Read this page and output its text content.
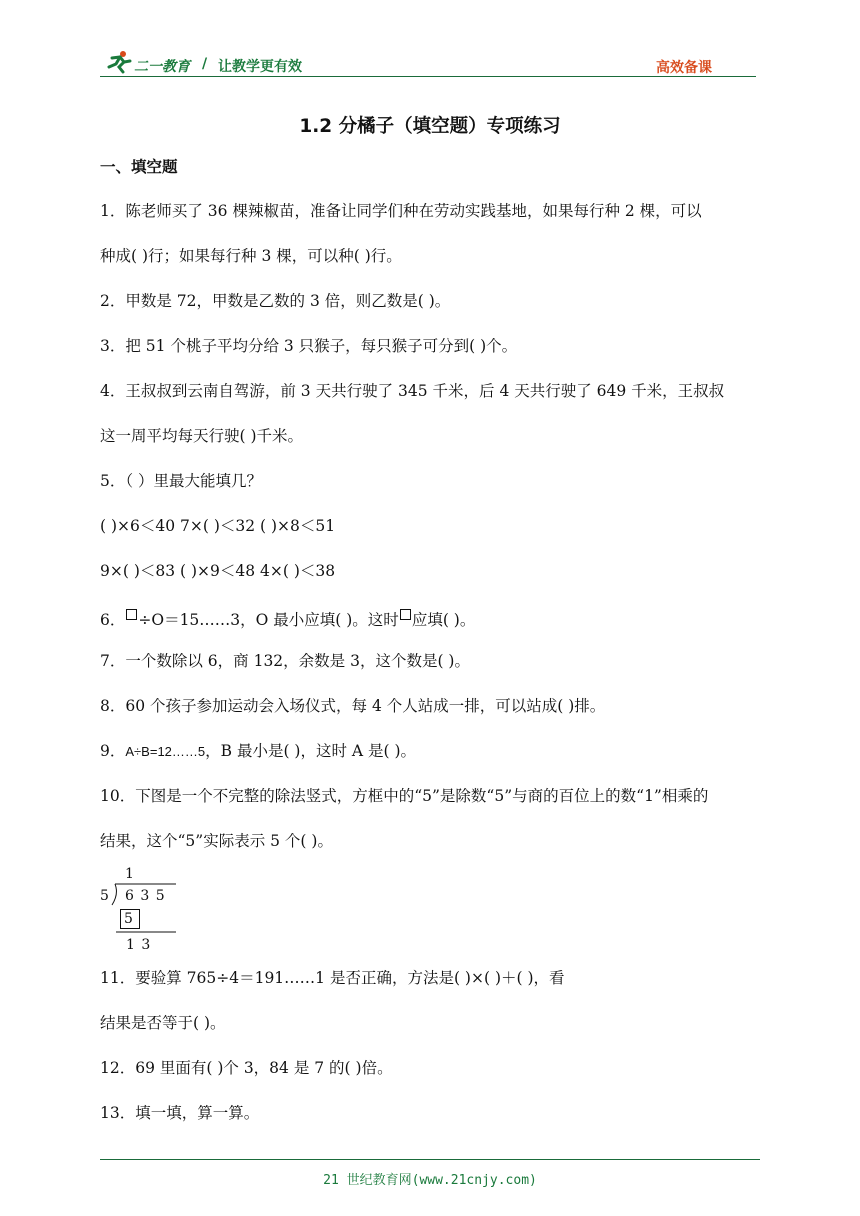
二一教育 / 让教学更有效	高效备课
1.2 分橘子（填空题）专项练习
一、填空题
1．陈老师买了 36 棵辣椒苗，准备让同学们种在劳动实践基地，如果每行种 2 棵，可以
种成( )行；如果每行种 3 棵，可以种( )行。
2．甲数是 72，甲数是乙数的 3 倍，则乙数是( )。
3．把 51 个桃子平均分给 3 只猴子，每只猴子可分到( )个。
4．王叔叔到云南自驾游，前 3 天共行驶了 345 千米，后 4 天共行驶了 649 千米，王叔叔
这一周平均每天行驶( )千米。
5．（ ）里最大能填几？
( )×6＜40 7×( )＜32 ( )×8＜51
9×( )＜83 ( )×9＜48 4×( )＜38
6． ÷O＝15……3，O 最小应填( )。这时 应填( )。
7．一个数除以 6，商 132，余数是 3，这个数是( )。
8．60 个孩子参加运动会入场仪式，每 4 个人站成一排，可以站成( )排。
9．A÷B=12……5，B 最小是( )，这时 A 是( )。
10．下图是一个不完整的除法竖式，方框中的“5”是除数“5”与商的百位上的数“1”相乘的
结果，这个“5”实际表示 5 个( )。
1
5 6 3 5
5
1 3
11．要验算 765÷4＝191……1 是否正确，方法是( )×( )＋( )，看
结果是否等于( )。
12．69 里面有( )个 3，84 是 7 的( )倍。
13．填一填，算一算。
21 世纪教育网(www.21cnjy.com)
